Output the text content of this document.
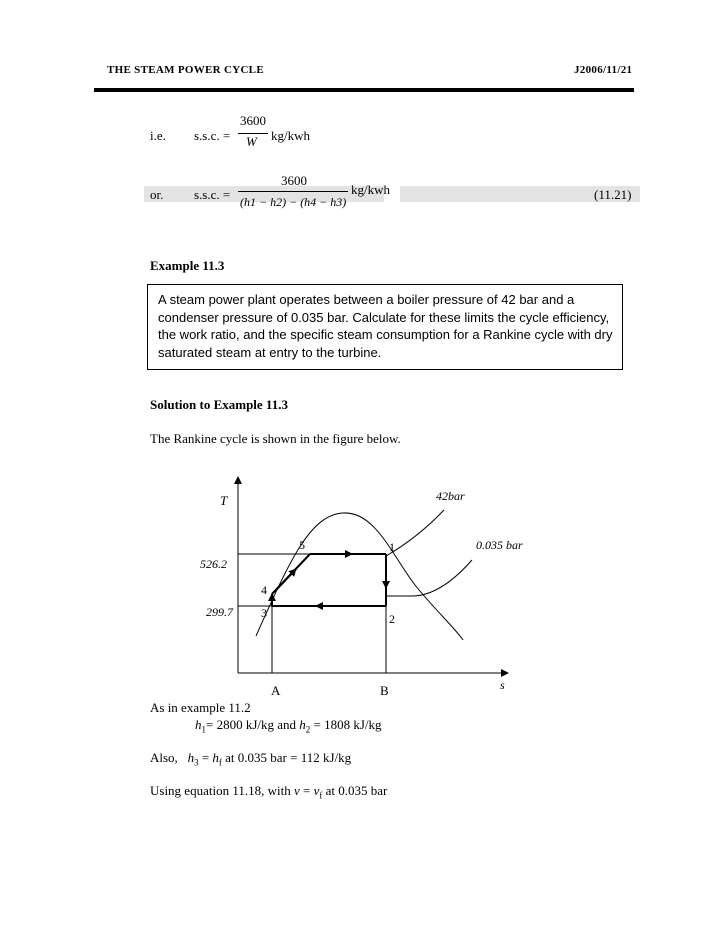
THE STEAM POWER CYCLE	J2006/11/21
i.e. s.s.c. =
3600
W kg/kwh
or. s.s.c. =
3600
(h1 − h2) − (h4 − h3)
kg/kwh	(11.21)
Example 11.3
A steam power plant operates between a boiler pressure of 42 bar and a condenser pressure of 0.035 bar. Calculate for these limits the cycle efficiency, the work ratio, and the specific steam consumption for a Rankine cycle with dry saturated steam at entry to the turbine.
Solution to Example 11.3
The Rankine cycle is shown in the figure below.
T
s
526.2
299.7
42bar
0.035 bar
1
2
3
4
5
A	B
As in example 11.2
$h_1= 2800$ kJ/kg and $h_2 = 1808$ kJ/kg
Also, $h_3 = h_f$ at 0.035 bar = 112 kJ/kg
Using equation 11.18, with $v = v_f$ at 0.035 bar
